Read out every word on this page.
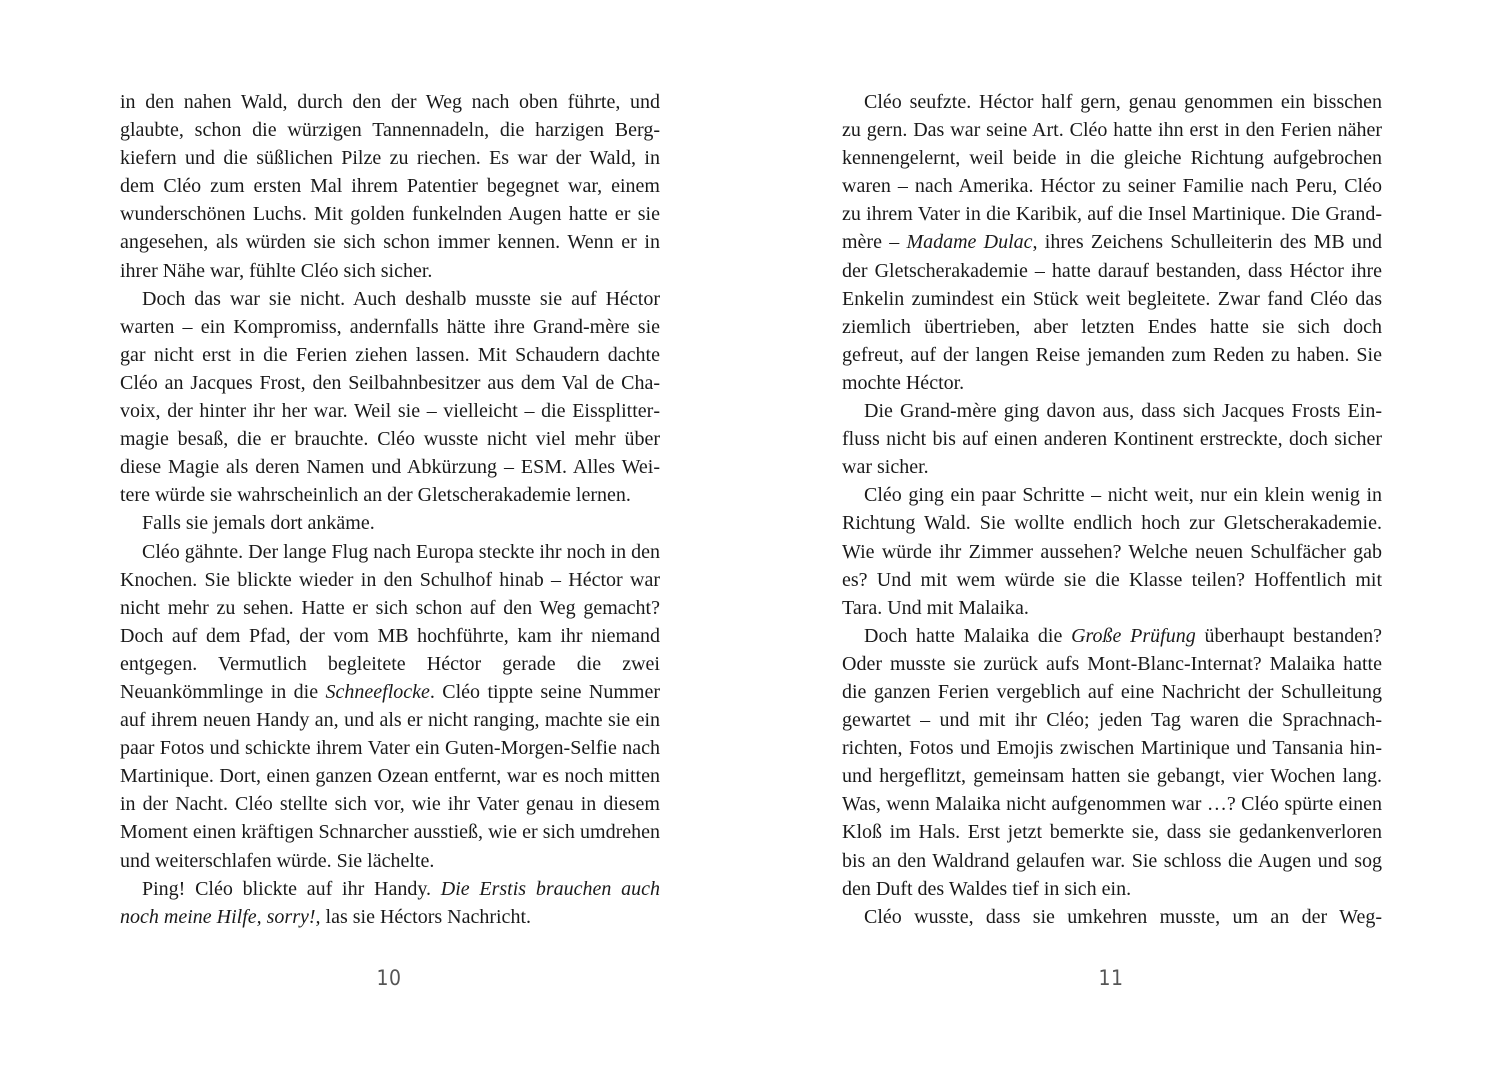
in den nahen Wald, durch den der Weg nach oben führte, und glaubte, schon die würzigen Tannennadeln, die harzigen Bergkiefern und die süßlichen Pilze zu riechen. Es war der Wald, in dem Cléo zum ersten Mal ihrem Patentier begegnet war, einem wunderschönen Luchs. Mit golden funkelnden Augen hatte er sie angesehen, als würden sie sich schon immer kennen. Wenn er in ihrer Nähe war, fühlte Cléo sich sicher.

Doch das war sie nicht. Auch deshalb musste sie auf Héctor warten – ein Kompromiss, andernfalls hätte ihre Grand-mère sie gar nicht erst in die Ferien ziehen lassen. Mit Schaudern dachte Cléo an Jacques Frost, den Seilbahnbesitzer aus dem Val de Chavoix, der hinter ihr her war. Weil sie – vielleicht – die Eissplittermagie besaß, die er brauchte. Cléo wusste nicht viel mehr über diese Magie als deren Namen und Abkürzung – ESM. Alles Weitere würde sie wahrscheinlich an der Gletscherakademie lernen.

Falls sie jemals dort ankäme.

Cléo gähnte. Der lange Flug nach Europa steckte ihr noch in den Knochen. Sie blickte wieder in den Schulhof hinab – Héctor war nicht mehr zu sehen. Hatte er sich schon auf den Weg gemacht? Doch auf dem Pfad, der vom MB hochführte, kam ihr niemand entgegen. Vermutlich begleitete Héctor gerade die zwei Neuankömmlinge in die Schneeflocke. Cléo tippte seine Nummer auf ihrem neuen Handy an, und als er nicht ranging, machte sie ein paar Fotos und schickte ihrem Vater ein Guten-Morgen-Selfie nach Martinique. Dort, einen ganzen Ozean entfernt, war es noch mitten in der Nacht. Cléo stellte sich vor, wie ihr Vater genau in diesem Moment einen kräftigen Schnarcher ausstieß, wie er sich umdrehen und weiterschlafen würde. Sie lächelte.

Ping! Cléo blickte auf ihr Handy. Die Erstis brauchen auch noch meine Hilfe, sorry!, las sie Héctors Nachricht.

Cléo seufzte. Héctor half gern, genau genommen ein bisschen zu gern. Das war seine Art. Cléo hatte ihn erst in den Ferien näher kennengelernt, weil beide in die gleiche Richtung aufgebrochen waren – nach Amerika. Héctor zu seiner Familie nach Peru, Cléo zu ihrem Vater in die Karibik, auf die Insel Martinique. Die Grand-mère – Madame Dulac, ihres Zeichens Schulleiterin des MB und der Gletscherakademie – hatte darauf bestanden, dass Héctor ihre Enkelin zumindest ein Stück weit begleitete. Zwar fand Cléo das ziemlich übertrieben, aber letzten Endes hatte sie sich doch gefreut, auf der langen Reise jemanden zum Reden zu haben. Sie mochte Héctor.

Die Grand-mère ging davon aus, dass sich Jacques Frosts Einfluss nicht bis auf einen anderen Kontinent erstreckte, doch sicher war sicher.

Cléo ging ein paar Schritte – nicht weit, nur ein klein wenig in Richtung Wald. Sie wollte endlich hoch zur Gletscherakademie. Wie würde ihr Zimmer aussehen? Welche neuen Schulfächer gab es? Und mit wem würde sie die Klasse teilen? Hoffentlich mit Tara. Und mit Malaika.

Doch hatte Malaika die Große Prüfung überhaupt bestanden? Oder musste sie zurück aufs Mont-Blanc-Internat? Malaika hatte die ganzen Ferien vergeblich auf eine Nachricht der Schulleitung gewartet – und mit ihr Cléo; jeden Tag waren die Sprachnachrichten, Fotos und Emojis zwischen Martinique und Tansania hin- und hergeflitzt, gemeinsam hatten sie gebangt, vier Wochen lang. Was, wenn Malaika nicht aufgenommen war …? Cléo spürte einen Kloß im Hals. Erst jetzt bemerkte sie, dass sie gedankenverloren bis an den Waldrand gelaufen war. Sie schloss die Augen und sog den Duft des Waldes tief in sich ein.

Cléo wusste, dass sie umkehren musste, um an der Weg-

10	11
